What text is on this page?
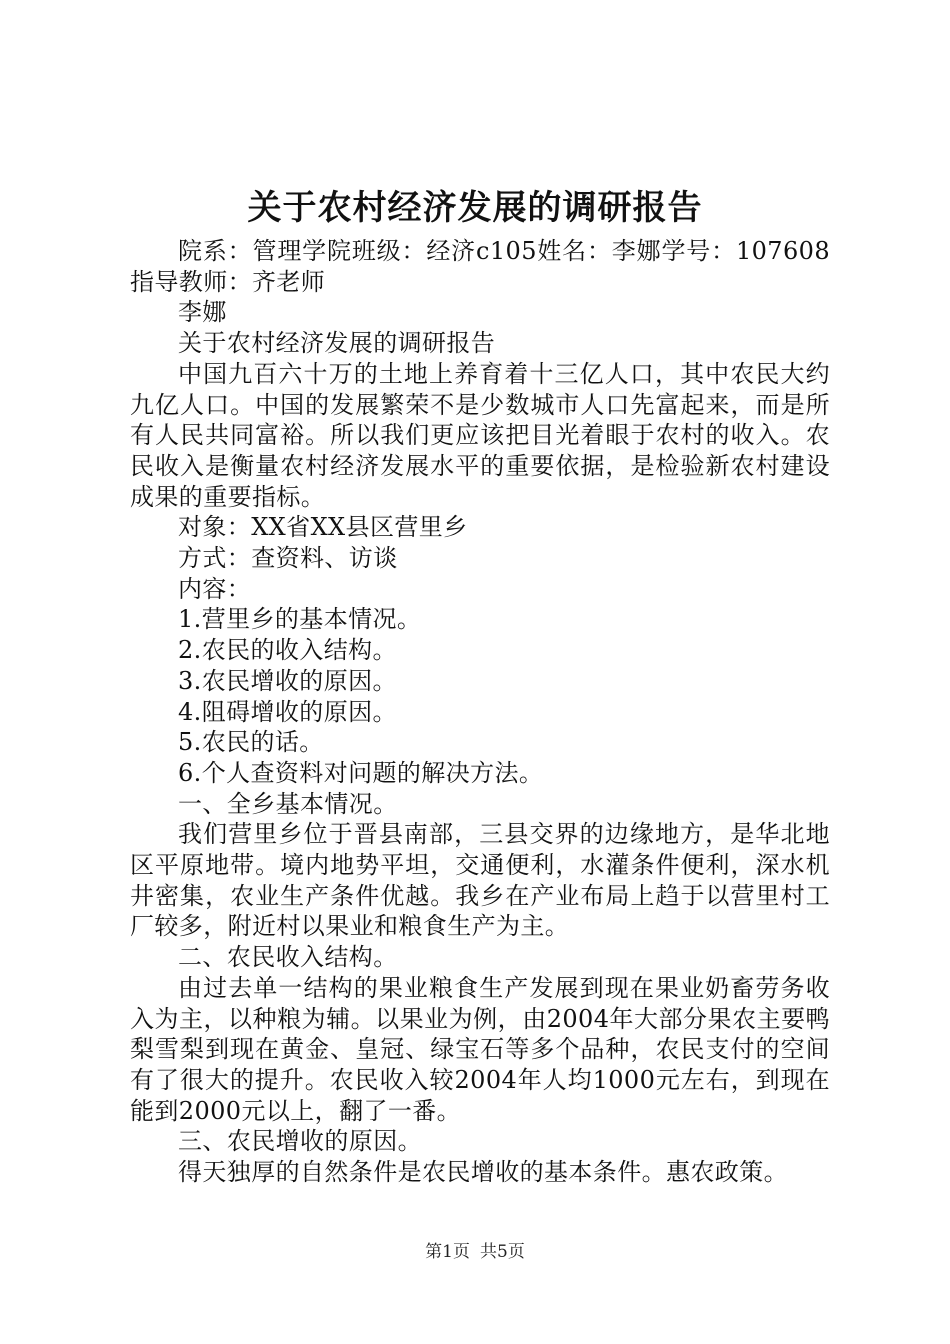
关于农村经济发展的调研报告

院系：管理学院班级：经济c105姓名：李娜学号：107608指导教师：齐老师

李娜

关于农村经济发展的调研报告

中国九百六十万的土地上养育着十三亿人口，其中农民大约九亿人口。中国的发展繁荣不是少数城市人口先富起来，而是所有人民共同富裕。所以我们更应该把目光着眼于农村的收入。农民收入是衡量农村经济发展水平的重要依据，是检验新农村建设成果的重要指标。

对象：XX省XX县区营里乡

方式：查资料、访谈

内容：

1.营里乡的基本情况。

2.农民的收入结构。

3.农民增收的原因。

4.阻碍增收的原因。

5.农民的话。

6.个人查资料对问题的解决方法。

一、全乡基本情况。

我们营里乡位于晋县南部，三县交界的边缘地方，是华北地区平原地带。境内地势平坦，交通便利，水灌条件便利，深水机井密集，农业生产条件优越。我乡在产业布局上趋于以营里村工厂较多，附近村以果业和粮食生产为主。

二、农民收入结构。

由过去单一结构的果业粮食生产发展到现在果业奶畜劳务收入为主，以种粮为辅。以果业为例，由2004年大部分果农主要鸭梨雪梨到现在黄金、皇冠、绿宝石等多个品种，农民支付的空间有了很大的提升。农民收入较2004年人均1000元左右，到现在能到2000元以上，翻了一番。

三、农民增收的原因。

得天独厚的自然条件是农民增收的基本条件。惠农政策。

第1页 共5页
